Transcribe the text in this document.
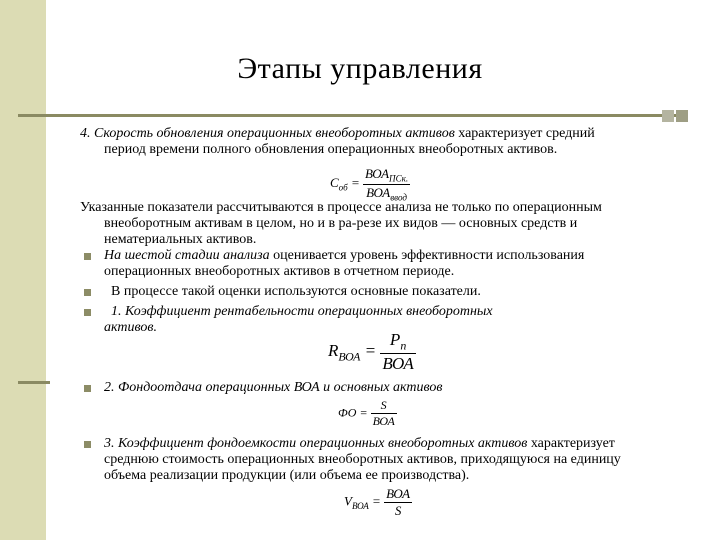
Этапы управления
4. Скорость обновления операционных внеоборотных активов характеризует средний
период времени полного обновления операционных внеоборотных активов.
$C_{об} = \frac{ВОА_{ПСк.}}{ВОА_{ввод}}$
Указанные показатели рассчитываются в процессе анализа не только по операционным
внеоборотным активам в целом, но и в ра-резе их видов — основных средств и
нематериальных активов.
На шестой стадии анализа оценивается уровень эффективности использования
операционных внеоборотных активов в отчетном периоде.
В процессе такой оценки используются основные показатели.
1. Коэффициент рентабельности операционных внеоборотных
активов.
$R_{ВОА} = \frac{P_n}{\text{ВОА}}$
2. Фондоотдача операционных ВОА и основных активов
ФО = $\frac{S}{\text{ВОА}}$
3. Коэффициент фондоемкости операционных внеоборотных активов характеризует
среднюю стоимость операционных внеоборотных активов, приходящуюся на единицу
объема реализации продукции (или объема ее производства).
$V_{ВОА} = \frac{\text{ВОА}}{S}$
